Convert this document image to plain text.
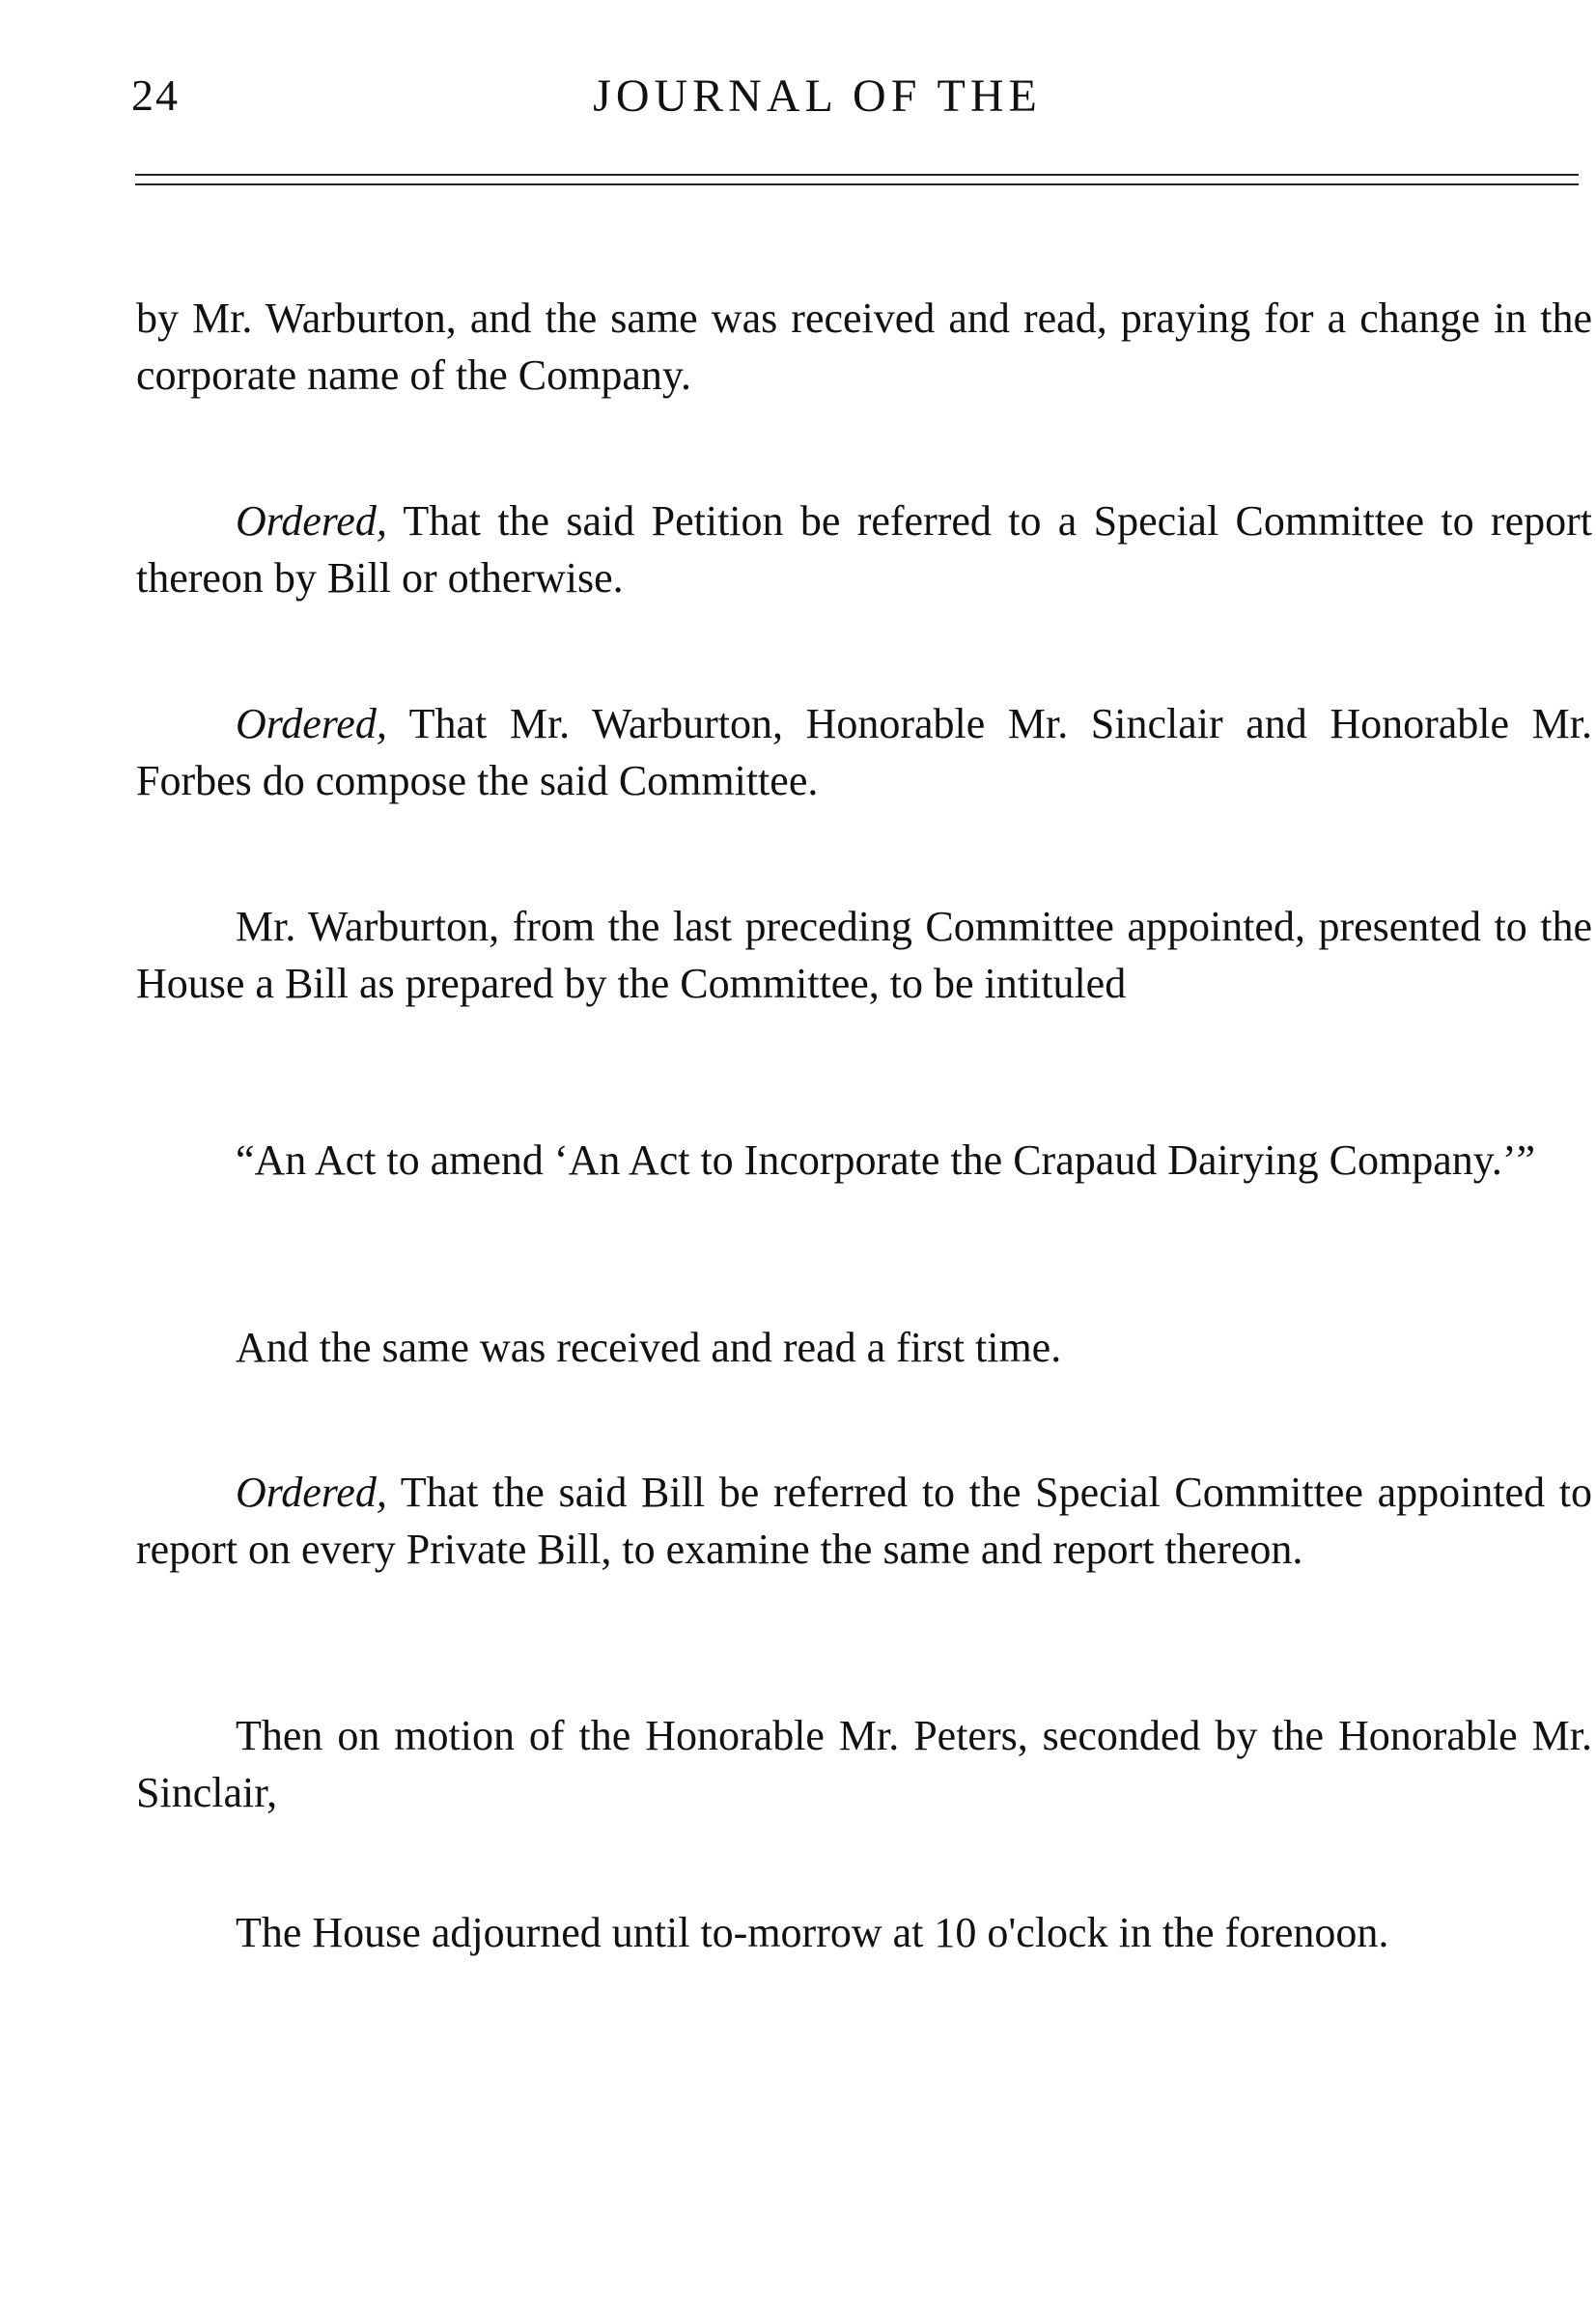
24	JOURNAL OF THE

by Mr. Warburton, and the same was received and read, praying for a change in the corporate name of the Company.

Ordered, That the said Petition be referred to a Special Committee to report thereon by Bill or otherwise.

Ordered, That Mr. Warburton, Honorable Mr. Sinclair and Honorable Mr. Forbes do compose the said Committee.

Mr. Warburton, from the last preceding Committee appointed, presented to the House a Bill as prepared by the Committee, to be intituled

“An Act to amend ‘An Act to Incorporate the Crapaud Dairying Company.’”

And the same was received and read a first time.

Ordered, That the said Bill be referred to the Special Committee appointed to report on every Private Bill, to examine the same and report thereon.

Then on motion of the Honorable Mr. Peters, seconded by the Honorable Mr. Sinclair,

The House adjourned until to-morrow at 10 o'clock in the forenoon.
